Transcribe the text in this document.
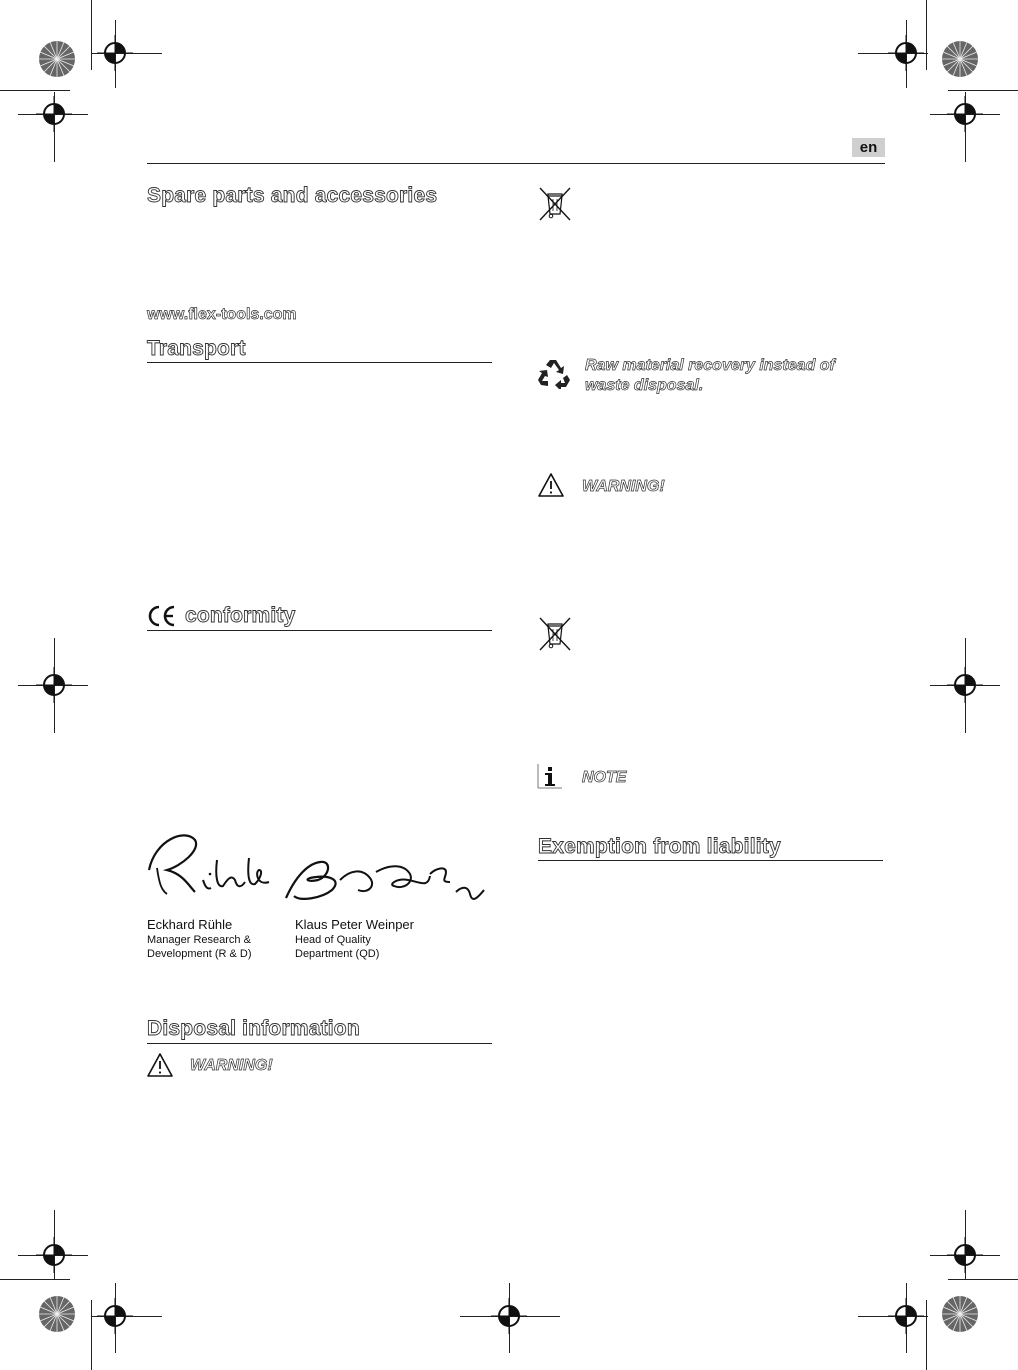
en
Spare parts and accessories
www.flex-tools.com
Transport
conformity
Eckhard Rühle
Manager Research &
Development (R & D)
Klaus Peter Weinper
Head of Quality
Department (QD)
Disposal information
WARNING!
Raw material recovery instead of
waste disposal.
WARNING!
NOTE
Exemption from liability
